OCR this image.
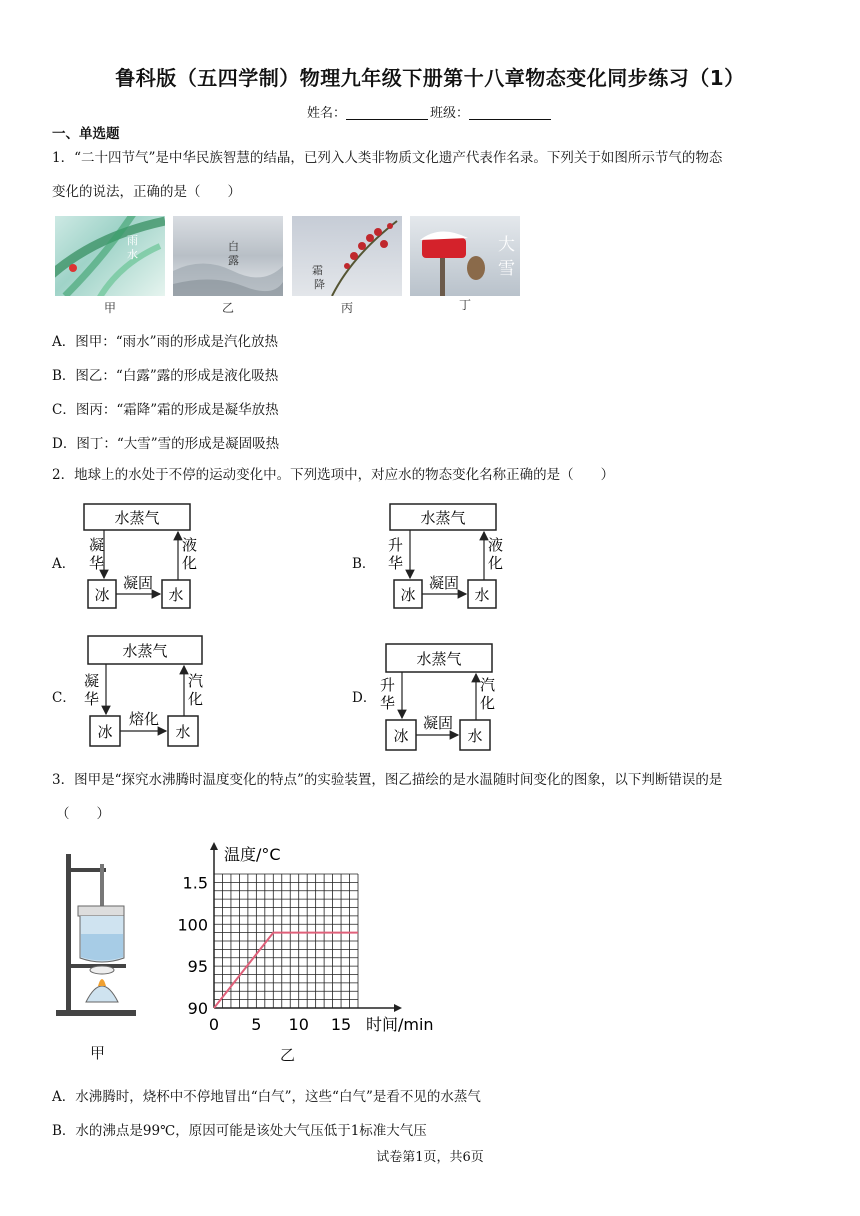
鲁科版（五四学制）物理九年级下册第十八章物态变化同步练习（1）
姓名：	班级：
一、单选题
1．“二十四节气”是中华民族智慧的结晶，已列入人类非物质文化遗产代表作名录。下列关于如图所示节气的物态
变化的说法，正确的是（　　）
雨
水
白
露
霜
降
大
雪
甲	乙	丙	丁
A．图甲：“雨水”雨的形成是汽化放热
B．图乙：“白露”露的形成是液化吸热
C．图丙：“霜降”霜的形成是凝华放热
D．图丁：“大雪”雪的形成是凝固吸热
2．地球上的水处于不停的运动变化中。下列选项中，对应水的物态变化名称正确的是（　　）
A．
水蒸气
冰	水
凝华
液化
凝固
B．
水蒸气
冰	水
升华
液化
凝固
C．
水蒸气
冰	水
凝华
汽化
熔化
D．
水蒸气
冰	水
升华
汽化
凝固
3．图甲是“探究水沸腾时温度变化的特点”的实验装置，图乙描绘的是水温随时间变化的图象，以下判断错误的是
（　　）
甲
0 5 10 15
90
95
100
1.5
温度/°C
时间/min
乙
A．水沸腾时，烧杯中不停地冒出“白气”，这些“白气”是看不见的水蒸气
B．水的沸点是99℃，原因可能是该处大气压低于1标准大气压
试卷第1页，共6页
